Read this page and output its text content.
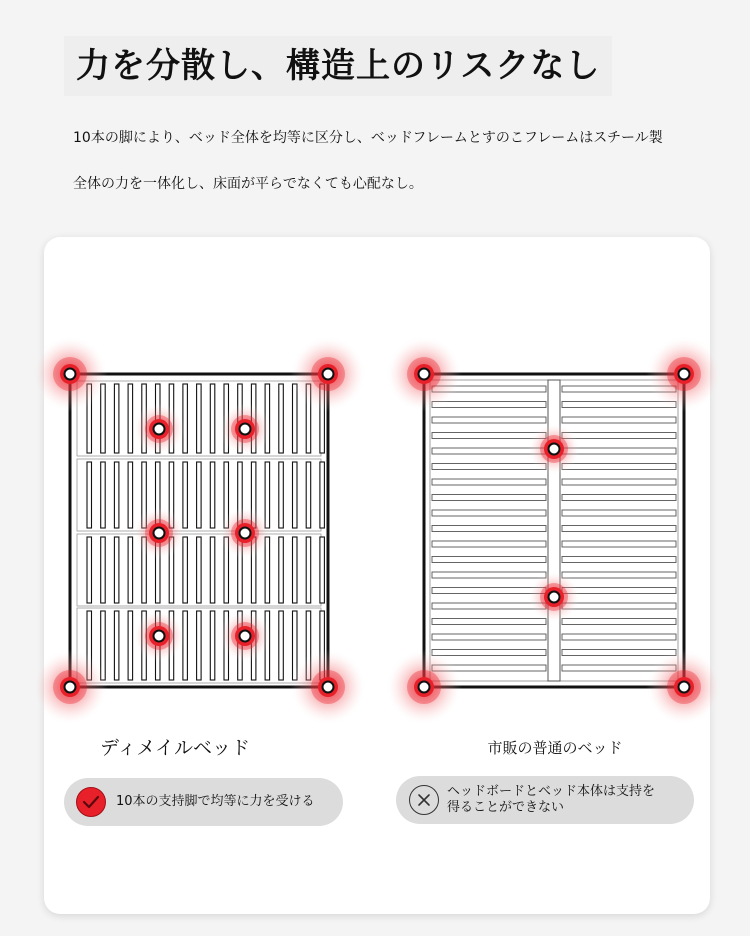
力を分散し、構造上のリスクなし
10本の脚により、ベッド全体を均等に区分し、ベッドフレームとすのこフレームはスチール製
全体の力を一体化し、床面が平らでなくても心配なし。
ディメイルベッド	市販の普通のベッド
10本の支持脚で均等に力を受ける
ヘッドボードとベッド本体は支持を
得ることができない
